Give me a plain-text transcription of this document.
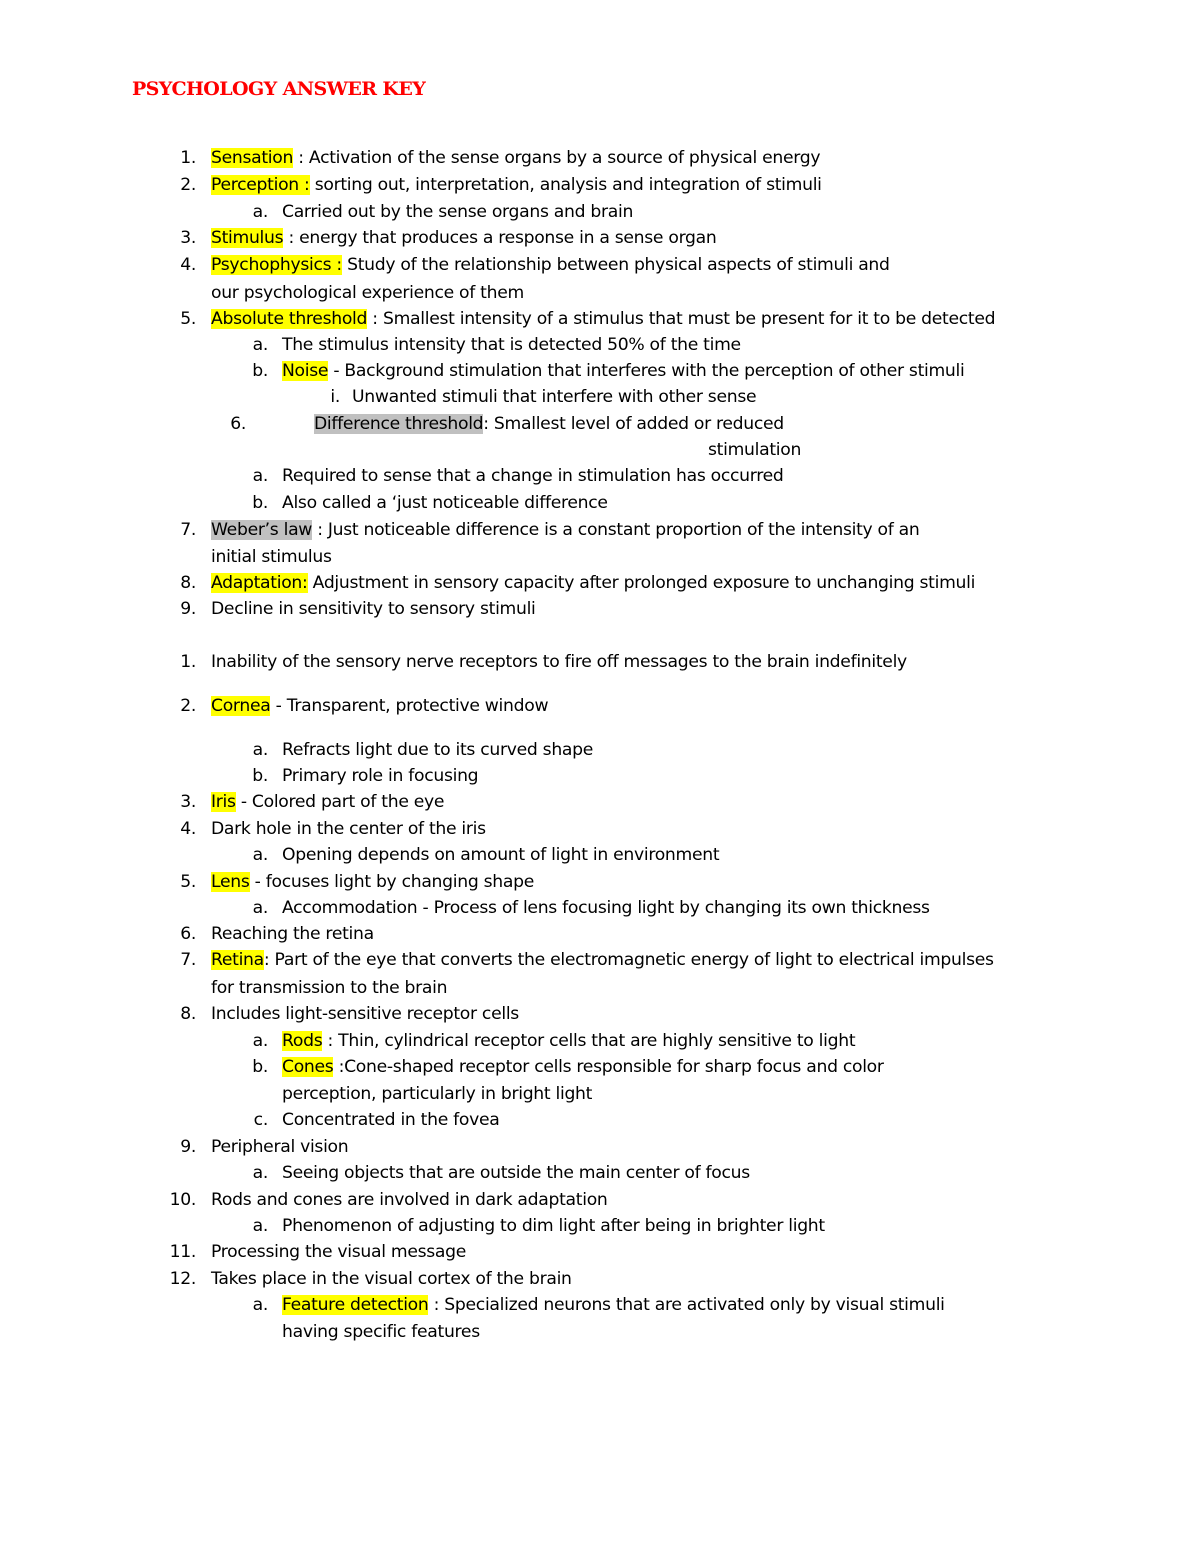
PSYCHOLOGY ANSWER KEY
1. Sensation : Activation of the sense organs by a source of physical energy
2. Perception : sorting out, interpretation, analysis and integration of stimuli
a. Carried out by the sense organs and brain
3. Stimulus : energy that produces a response in a sense organ
4. Psychophysics : Study of the relationship between physical aspects of stimuli and
our psychological experience of them
5. Absolute threshold : Smallest intensity of a stimulus that must be present for it to be detected
a. The stimulus intensity that is detected 50% of the time
b. Noise - Background stimulation that interferes with the perception of other stimuli
i. Unwanted stimuli that interfere with other sense
6.	Difference threshold: Smallest level of added or reduced
stimulation
a. Required to sense that a change in stimulation has occurred
b. Also called a ‘just noticeable difference
7. Weber’s law : Just noticeable difference is a constant proportion of the intensity of an
initial stimulus
8. Adaptation: Adjustment in sensory capacity after prolonged exposure to unchanging stimuli
9. Decline in sensitivity to sensory stimuli
1. Inability of the sensory nerve receptors to fire off messages to the brain indefinitely
2. Cornea - Transparent, protective window
a. Refracts light due to its curved shape
b. Primary role in focusing
3. Iris - Colored part of the eye
4. Dark hole in the center of the iris
a. Opening depends on amount of light in environment
5. Lens - focuses light by changing shape
a. Accommodation - Process of lens focusing light by changing its own thickness
6. Reaching the retina
7. Retina: Part of the eye that converts the electromagnetic energy of light to electrical impulses
for transmission to the brain
8. Includes light-sensitive receptor cells
a. Rods : Thin, cylindrical receptor cells that are highly sensitive to light
b. Cones :Cone-shaped receptor cells responsible for sharp focus and color
perception, particularly in bright light
c. Concentrated in the fovea
9. Peripheral vision
a. Seeing objects that are outside the main center of focus
10. Rods and cones are involved in dark adaptation
a. Phenomenon of adjusting to dim light after being in brighter light
11. Processing the visual message
12. Takes place in the visual cortex of the brain
a. Feature detection : Specialized neurons that are activated only by visual stimuli
having specific features
